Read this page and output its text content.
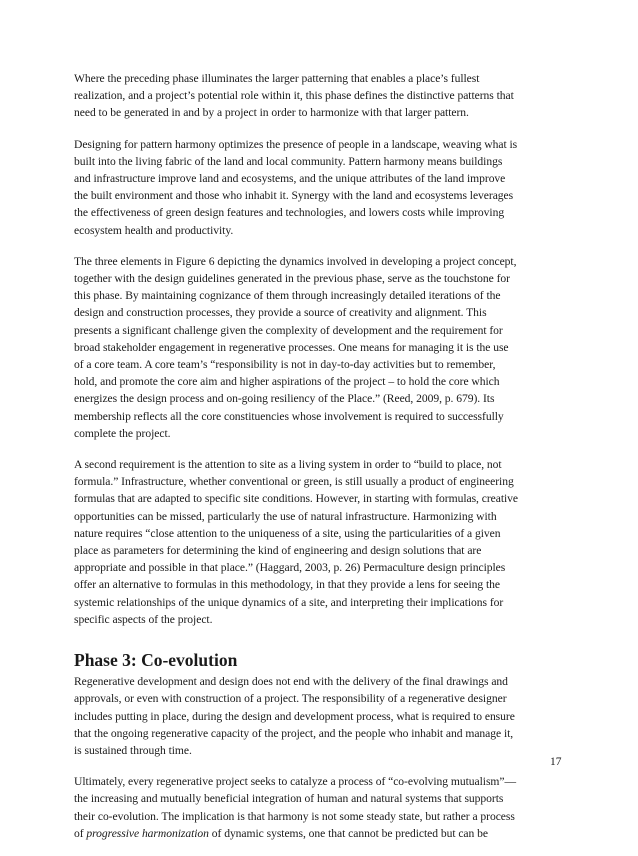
Where the preceding phase illuminates the larger patterning that enables a place’s fullest
realization, and a project’s potential role within it, this phase defines the distinctive patterns that
need to be generated in and by a project in order to harmonize with that larger pattern.

Designing for pattern harmony optimizes the presence of people in a landscape, weaving what is
built into the living fabric of the land and local community. Pattern harmony means buildings
and infrastructure improve land and ecosystems, and the unique attributes of the land improve
the built environment and those who inhabit it. Synergy with the land and ecosystems leverages
the effectiveness of green design features and technologies, and lowers costs while improving
ecosystem health and productivity.

The three elements in Figure 6 depicting the dynamics involved in developing a project concept,
together with the design guidelines generated in the previous phase, serve as the touchstone for
this phase. By maintaining cognizance of them through increasingly detailed iterations of the
design and construction processes, they provide a source of creativity and alignment. This
presents a significant challenge given the complexity of development and the requirement for
broad stakeholder engagement in regenerative processes. One means for managing it is the use
of a core team. A core team’s “responsibility is not in day-to-day activities but to remember,
hold, and promote the core aim and higher aspirations of the project – to hold the core which
energizes the design process and on-going resiliency of the Place.” (Reed, 2009, p. 679). Its
membership reflects all the core constituencies whose involvement is required to successfully
complete the project.

A second requirement is the attention to site as a living system in order to “build to place, not
formula.” Infrastructure, whether conventional or green, is still usually a product of engineering
formulas that are adapted to specific site conditions. However, in starting with formulas, creative
opportunities can be missed, particularly the use of natural infrastructure. Harmonizing with
nature requires “close attention to the uniqueness of a site, using the particularities of a given
place as parameters for determining the kind of engineering and design solutions that are
appropriate and possible in that place.” (Haggard, 2003, p. 26) Permaculture design principles
offer an alternative to formulas in this methodology, in that they provide a lens for seeing the
systemic relationships of the unique dynamics of a site, and interpreting their implications for
specific aspects of the project.

Phase 3: Co-evolution

Regenerative development and design does not end with the delivery of the final drawings and
approvals, or even with construction of a project. The responsibility of a regenerative designer
includes putting in place, during the design and development process, what is required to ensure
that the ongoing regenerative capacity of the project, and the people who inhabit and manage it,
is sustained through time.

Ultimately, every regenerative project seeks to catalyze a process of “co-evolving mutualism”—
the increasing and mutually beneficial integration of human and natural systems that supports
their co-evolution. The implication is that harmony is not some steady state, but rather a process
of progressive harmonization of dynamic systems, one that cannot be predicted but can be

17
